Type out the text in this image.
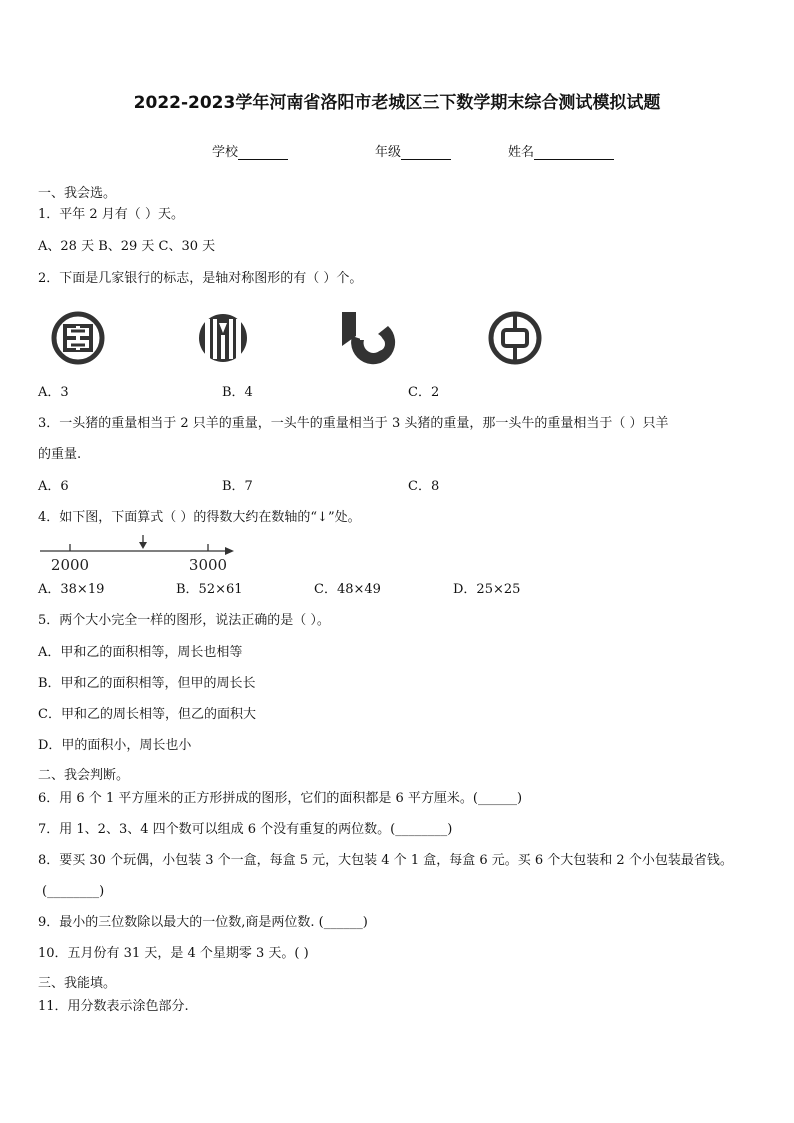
2022-2023学年河南省洛阳市老城区三下数学期末综合测试模拟试题
学校	年级	姓名
一、我会选。
1．平年 2 月有（ ）天。
A、28 天 B、29 天 C、30 天
2．下面是几家银行的标志，是轴对称图形的有（ ）个。
A．3	B．4	C．2
3．一头猪的重量相当于 2 只羊的重量，一头牛的重量相当于 3 头猪的重量，那一头牛的重量相当于（ ）只羊
的重量.
A．6	B．7	C．8
4．如下图，下面算式（ ）的得数大约在数轴的“↓”处。
2000	3000
A．38×19	B．52×61	C．48×49	D．25×25
5．两个大小完全一样的图形，说法正确的是（ ）。
A．甲和乙的面积相等，周长也相等
B．甲和乙的面积相等，但甲的周长长
C．甲和乙的周长相等，但乙的面积大
D．甲的面积小，周长也小
二、我会判断。
6．用 6 个 1 平方厘米的正方形拼成的图形，它们的面积都是 6 平方厘米。(______)
7．用 1、2、3、4 四个数可以组成 6 个没有重复的两位数。(________)
8．要买 30 个玩偶，小包装 3 个一盒，每盒 5 元，大包装 4 个 1 盒，每盒 6 元。买 6 个大包装和 2 个小包装最省钱。
(________)
9．最小的三位数除以最大的一位数,商是两位数. (______)
10．五月份有 31 天，是 4 个星期零 3 天。( )
三、我能填。
11．用分数表示涂色部分.
